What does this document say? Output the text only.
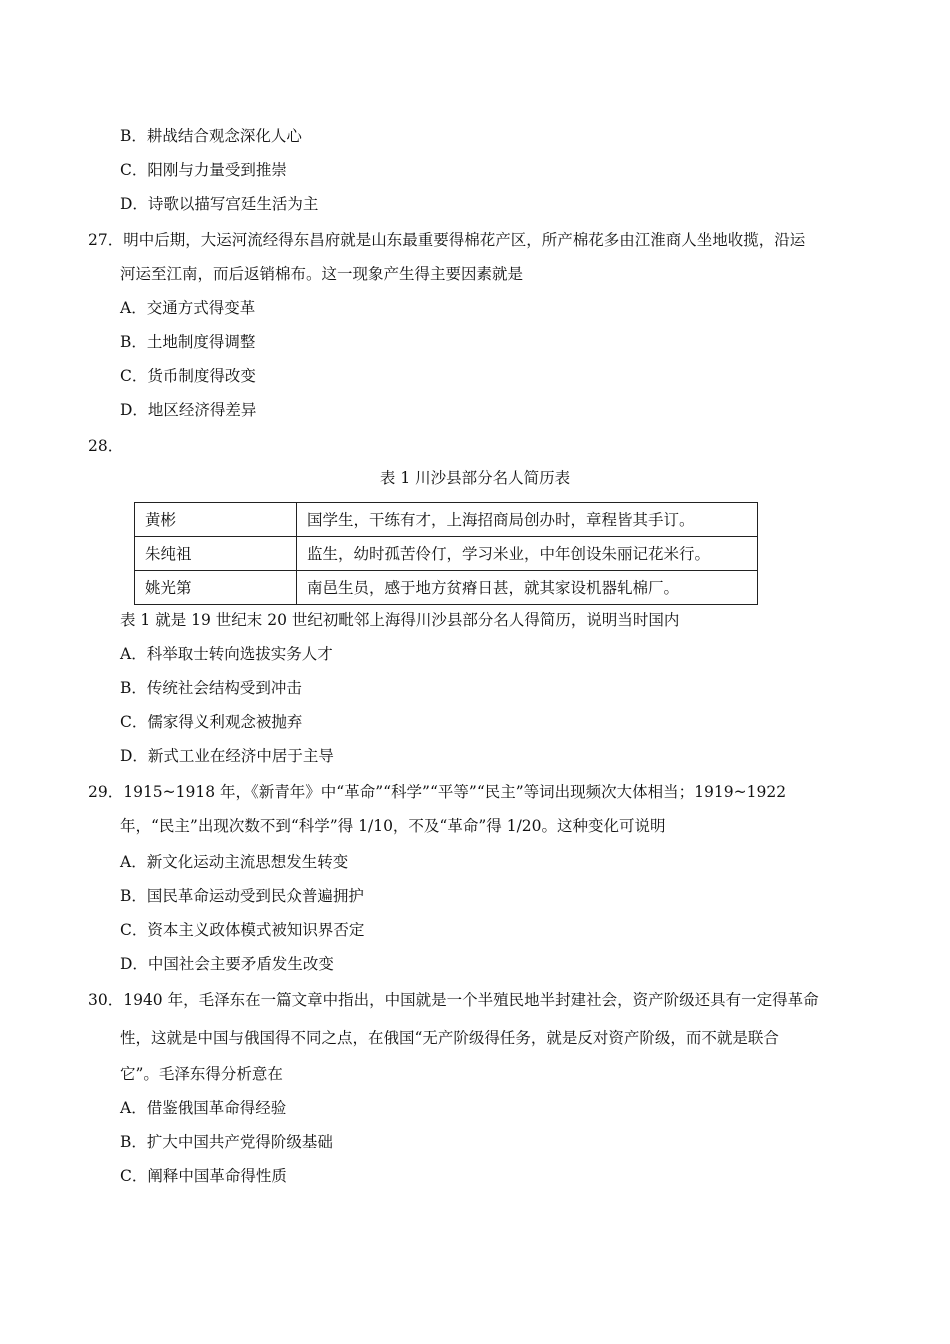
B．耕战结合观念深化人心
C．阳刚与力量受到推崇
D．诗歌以描写宫廷生活为主
27．明中后期，大运河流经得东昌府就是山东最重要得棉花产区，所产棉花多由江淮商人坐地收揽，沿运
河运至江南，而后返销棉布。这一现象产生得主要因素就是
A．交通方式得变革
B．土地制度得调整
C．货币制度得改变
D．地区经济得差异
28．
表 1 川沙县部分名人简历表
黄彬	国学生，干练有才，上海招商局创办时，章程皆其手订。
朱纯祖	监生，幼时孤苦伶仃，学习米业，中年创设朱丽记花米行。
姚光第	南邑生员，感于地方贫瘠日甚，就其家设机器轧棉厂。
表 1 就是 19 世纪末 20 世纪初毗邻上海得川沙县部分名人得简历，说明当时国内
A．科举取士转向选拔实务人才
B．传统社会结构受到冲击
C．儒家得义利观念被抛弃
D．新式工业在经济中居于主导
29．1915~1918 年，《新青年》中“革命”“科学”“平等”“民主”等词出现频次大体相当；1919~1922
年，“民主”出现次数不到“科学”得 1/10，不及“革命”得 1/20。这种变化可说明
A．新文化运动主流思想发生转变
B．国民革命运动受到民众普遍拥护
C．资本主义政体模式被知识界否定
D．中国社会主要矛盾发生改变
30．1940 年，毛泽东在一篇文章中指出，中国就是一个半殖民地半封建社会，资产阶级还具有一定得革命
性，这就是中国与俄国得不同之点，在俄国“无产阶级得任务，就是反对资产阶级，而不就是联合
它”。毛泽东得分析意在
A．借鉴俄国革命得经验
B．扩大中国共产党得阶级基础
C．阐释中国革命得性质
